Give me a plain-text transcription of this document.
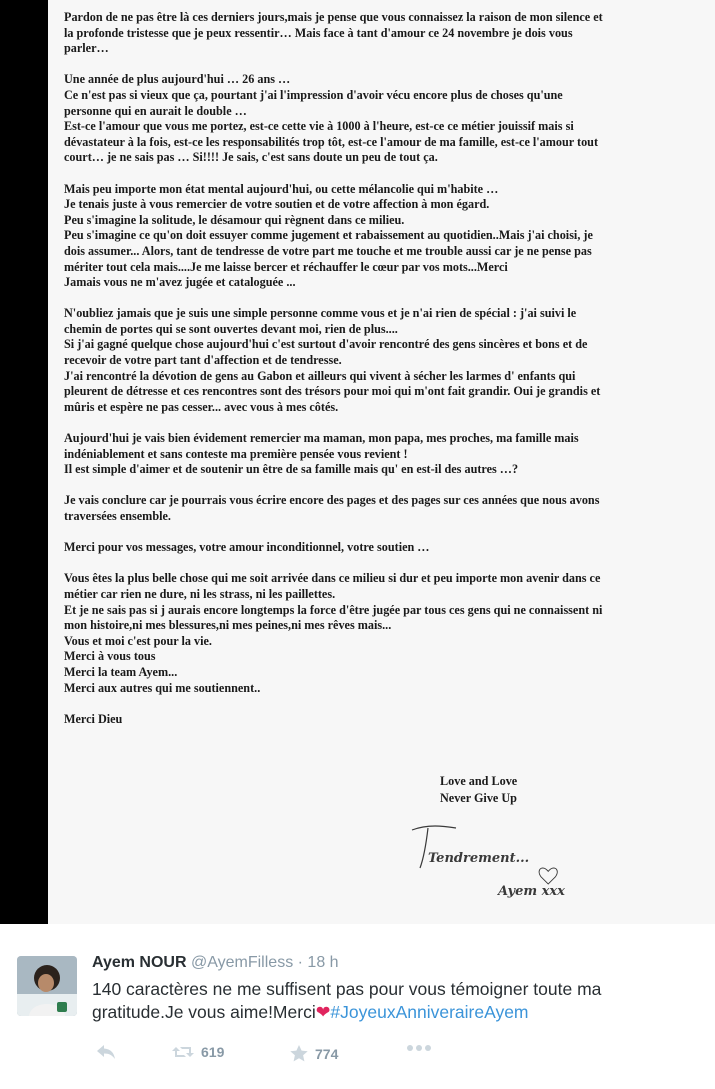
Pardon de ne pas être là ces derniers jours,mais je pense que vous connaissez la raison de mon silence et
la profonde tristesse que je peux ressentir… Mais face à tant d'amour ce 24 novembre je dois vous
parler…
Une année de plus aujourd'hui … 26 ans …
Ce n'est pas si vieux que ça, pourtant j'ai l'impression d'avoir vécu encore plus de choses qu'une
personne qui en aurait le double …
Est-ce l'amour que vous me portez, est-ce cette vie à 1000 à l'heure, est-ce ce métier jouissif mais si
dévastateur à la fois, est-ce les responsabilités trop tôt, est-ce l'amour de ma famille, est-ce l'amour tout
court… je ne sais pas … Si!!!! Je sais, c'est sans doute un peu de tout ça.
Mais peu importe mon état mental aujourd'hui, ou cette mélancolie qui m'habite …
Je tenais juste à vous remercier de votre soutien et de votre affection à mon égard.
Peu s'imagine la solitude, le désamour qui règnent dans ce milieu.
Peu s'imagine ce qu'on doit essuyer comme jugement et rabaissement au quotidien..Mais j'ai choisi, je
dois assumer... Alors, tant de tendresse de votre part me touche et me trouble aussi car je ne pense pas
mériter tout cela mais....Je me laisse bercer et réchauffer le cœur par vos mots...Merci
Jamais vous ne m'avez jugée et cataloguée ...
N'oubliez jamais que je suis une simple personne comme vous et je n'ai rien de spécial : j'ai suivi le
chemin de portes qui se sont ouvertes devant moi, rien de plus....
Si j'ai gagné quelque chose aujourd'hui c'est surtout d'avoir rencontré des gens sincères et bons et de
recevoir de votre part tant d'affection et de tendresse.
J'ai rencontré la dévotion de gens au Gabon et ailleurs qui vivent à sécher les larmes d' enfants qui
pleurent de détresse et ces rencontres sont des trésors pour moi qui m'ont fait grandir. Oui je grandis et
mûris et espère ne pas cesser... avec vous à mes côtés.
Aujourd'hui je vais bien évidement remercier ma maman, mon papa, mes proches, ma famille mais
indéniablement et sans conteste ma première pensée vous revient !
Il est simple d'aimer et de soutenir un être de sa famille mais qu' en est-il des autres …?
Je vais conclure car je pourrais vous écrire encore des pages et des pages sur ces années que nous avons
traversées ensemble.
Merci pour vos messages, votre amour inconditionnel, votre soutien …
Vous êtes la plus belle chose qui me soit arrivée dans ce milieu si dur et peu importe mon avenir dans ce
métier car rien ne dure, ni les strass, ni les paillettes.
Et je ne sais pas si j aurais encore longtemps la force d'être jugée par tous ces gens qui ne connaissent ni
mon histoire,ni mes blessures,ni mes peines,ni mes rêves mais...
Vous et moi c'est pour la vie.
Merci à vous tous
Merci la team Ayem...
Merci aux autres qui me soutiennent..
Merci Dieu
Love and Love
Never Give Up
Tendrement...
Ayem xxx
Ayem NOUR @AyemFilless · 18 h
140 caractères ne me suffisent pas pour vous témoigner toute ma gratitude.Je vous aime!Merci❤#JoyeuxAnniveraireAyem
619	774
